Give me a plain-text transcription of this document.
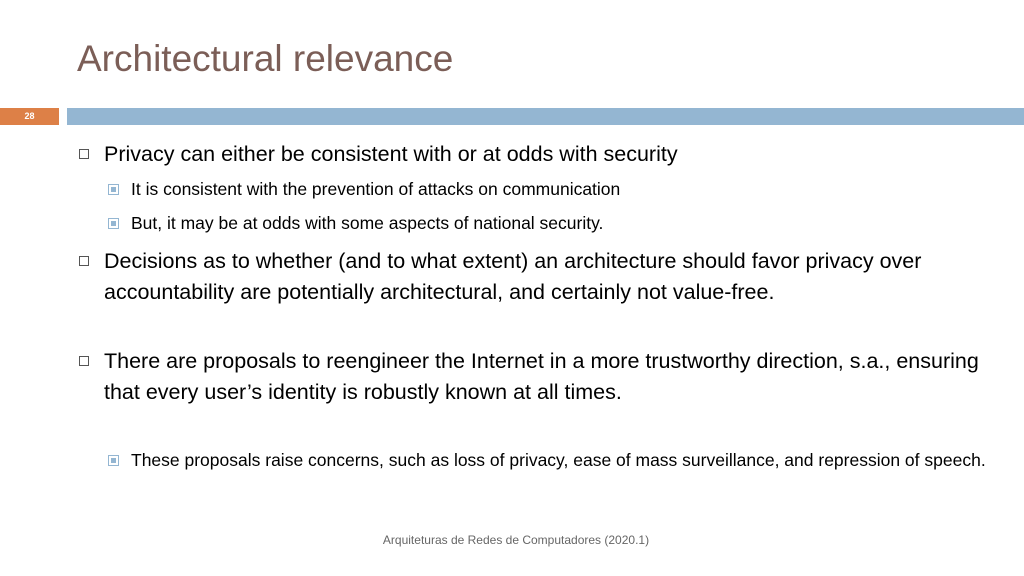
Architectural relevance
28
Privacy can either be consistent with or at odds with security
It is consistent with the prevention of attacks on communication
But, it may be at odds with some aspects of national security.
Decisions as to whether (and to what extent) an architecture should favor privacy over accountability are potentially architectural, and certainly not value-free.
There are proposals to reengineer the Internet in a more trustworthy direction, s.a., ensuring that every user’s identity is robustly known at all times.
These proposals raise concerns, such as loss of privacy, ease of mass surveillance, and repression of speech.
Arquiteturas de Redes de Computadores (2020.1)
